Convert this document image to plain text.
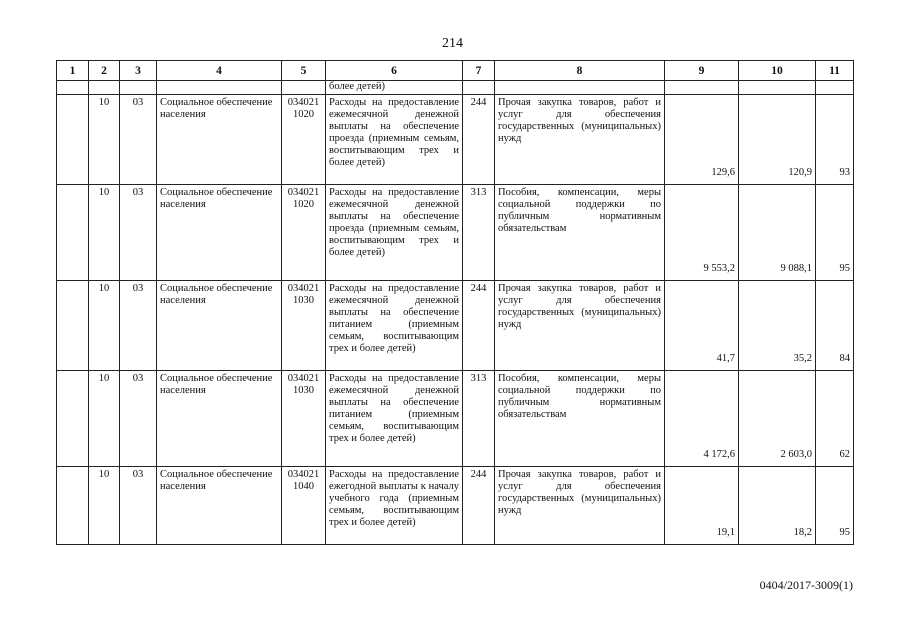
214
1	2	3	4	5	6	7	8	9	10	11
					более детей)					
	10	03	Социальное обеспечение населения	034021 1020	Расходы на предоставление ежемесячной денежной выплаты на обеспечение проезда (приемным семьям, воспитывающим трех и более детей)	244	Прочая закупка товаров, работ и услуг для обеспечения государственных (муниципальных) нужд	129,6	120,9	93
	10	03	Социальное обеспечение населения	034021 1020	Расходы на предоставление ежемесячной денежной выплаты на обеспечение проезда (приемным семьям, воспитывающим трех и более детей)	313	Пособия, компенсации, меры социальной поддержки по публичным нормативным обязательствам	9 553,2	9 088,1	95
	10	03	Социальное обеспечение населения	034021 1030	Расходы на предоставление ежемесячной денежной выплаты на обеспечение питанием (приемным семьям, воспитывающим трех и более детей)	244	Прочая закупка товаров, работ и услуг для обеспечения государственных (муниципальных) нужд	41,7	35,2	84
	10	03	Социальное обеспечение населения	034021 1030	Расходы на предоставление ежемесячной денежной выплаты на обеспечение питанием (приемным семьям, воспитывающим трех и более детей)	313	Пособия, компенсации, меры социальной поддержки по публичным нормативным обязательствам	4 172,6	2 603,0	62
	10	03	Социальное обеспечение населения	034021 1040	Расходы на предоставление ежегодной выплаты к началу учебного года (приемным семьям, воспитывающим трех и более детей)	244	Прочая закупка товаров, работ и услуг для обеспечения государственных (муниципальных) нужд	19,1	18,2	95
0404/2017-3009(1)
